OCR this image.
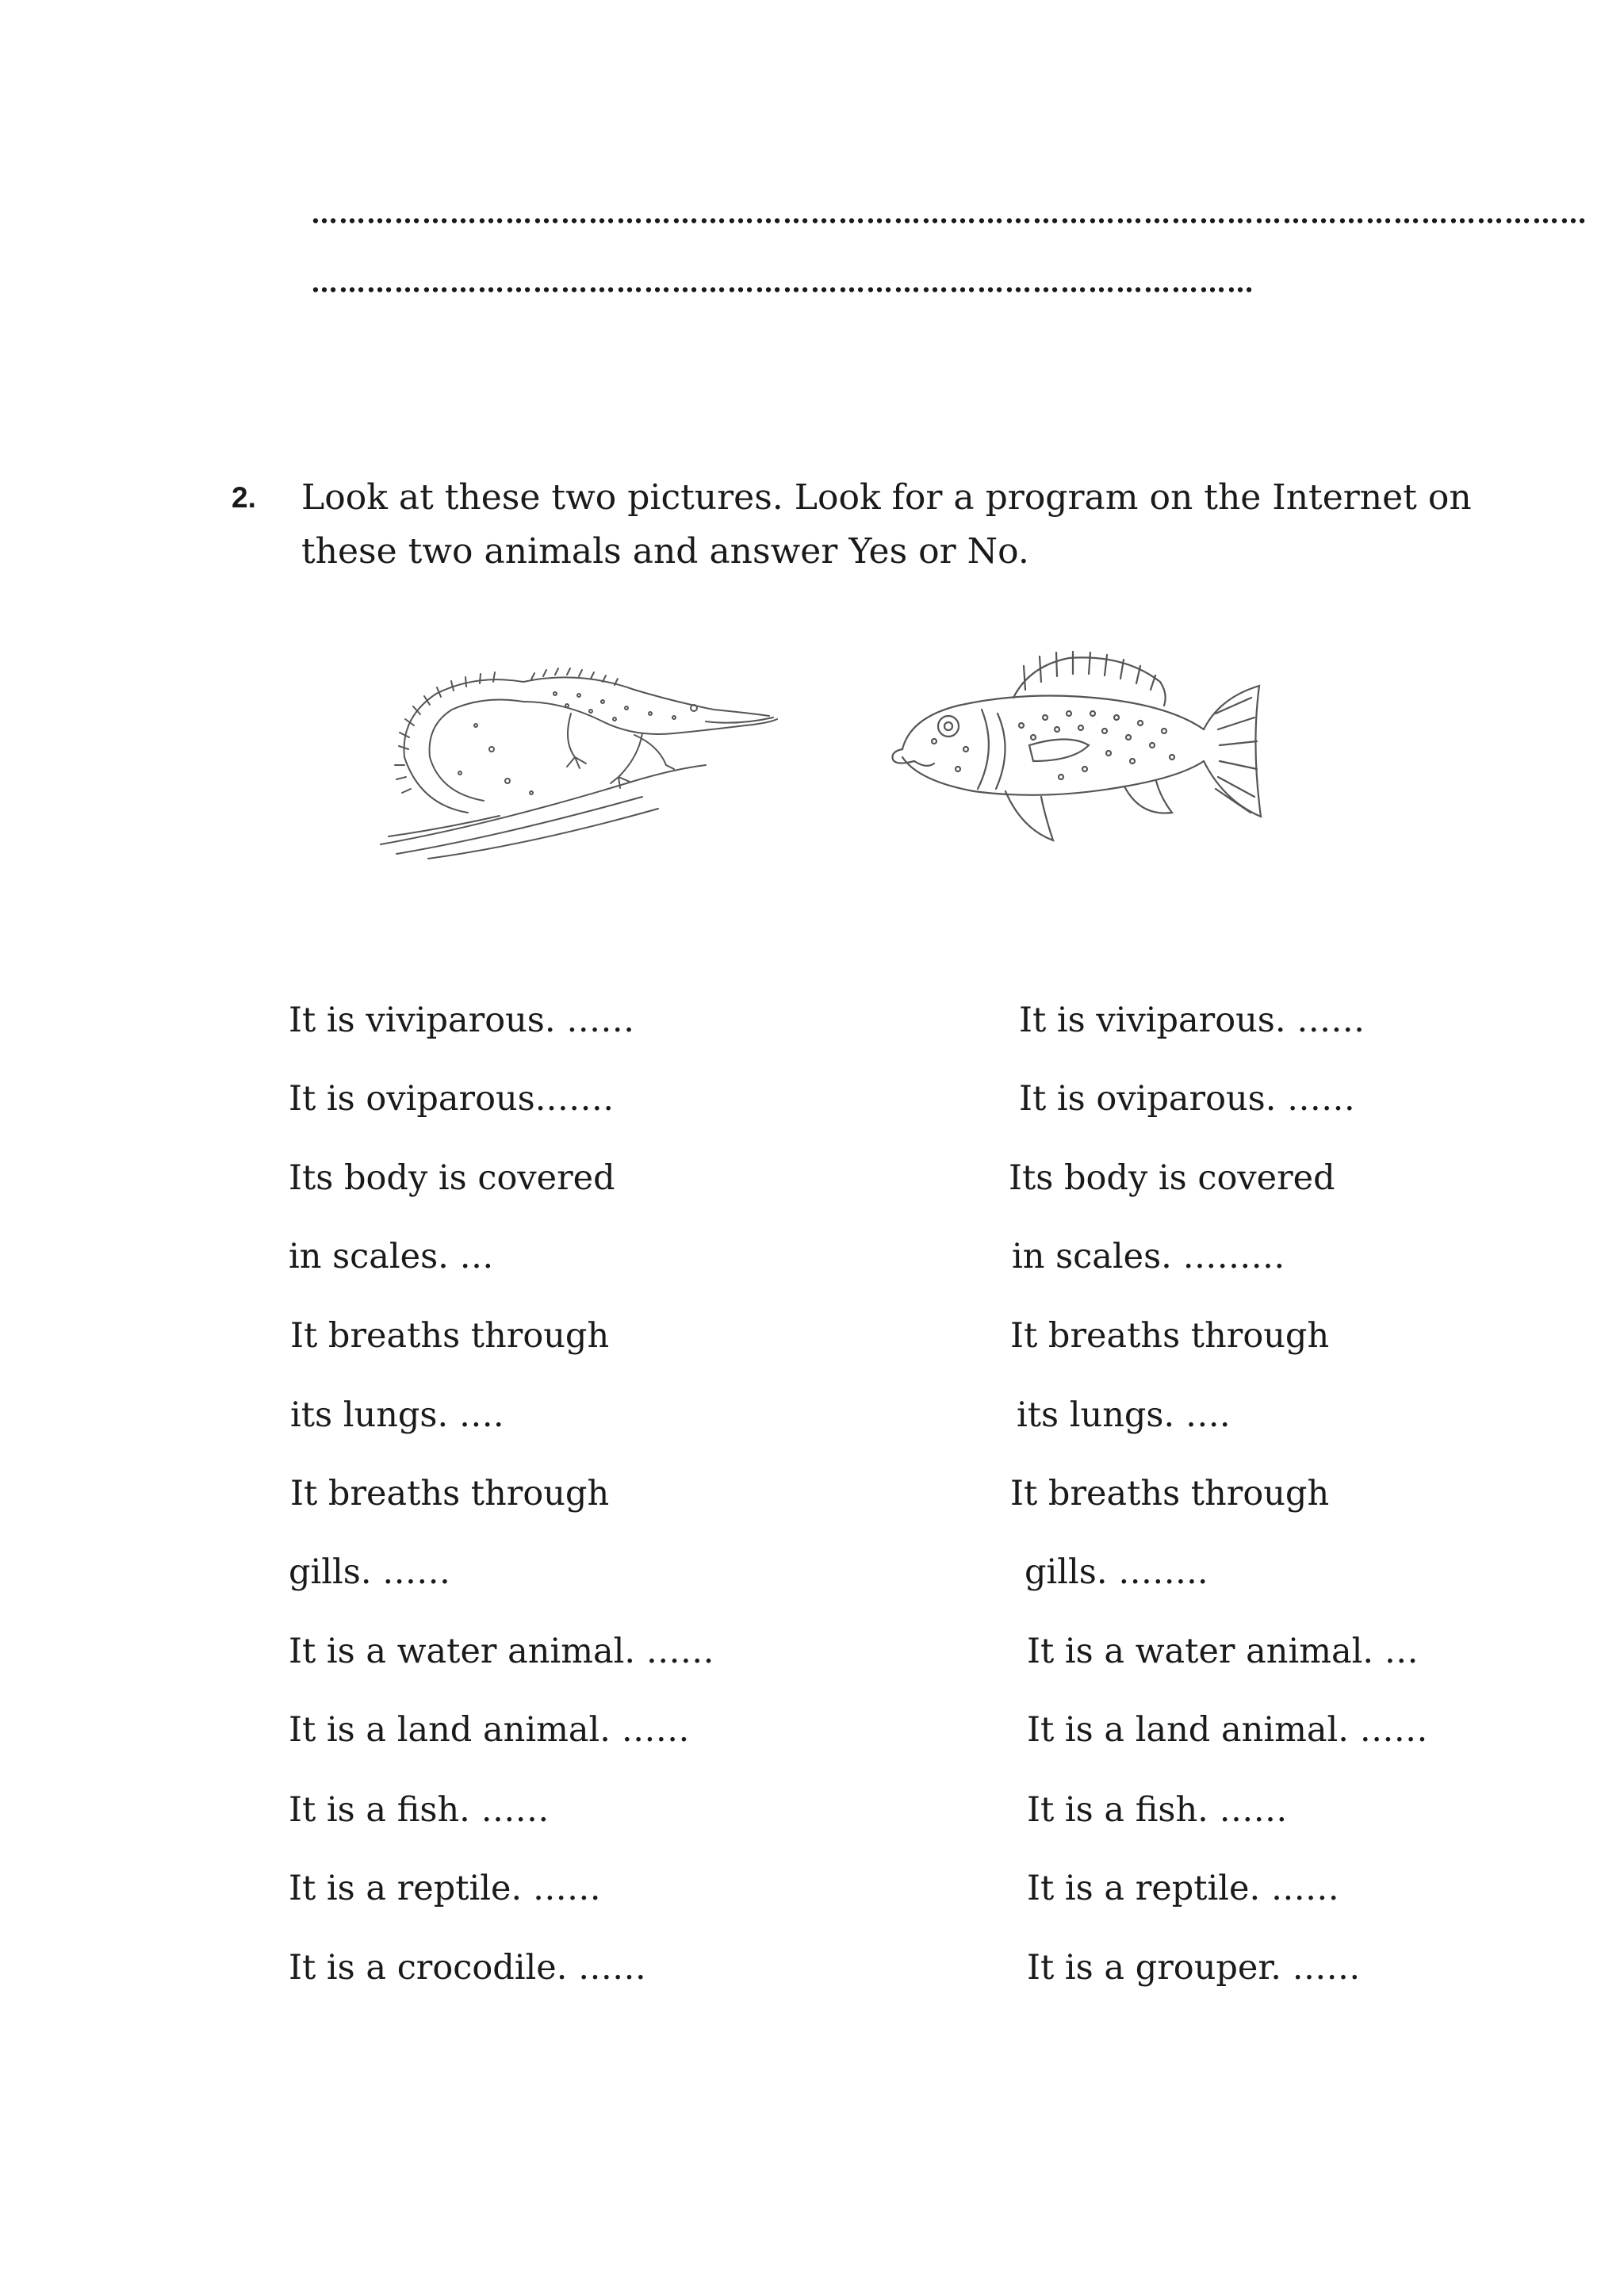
…………………………………………………………………………………………………………………………
…………………………………………………………………………………………
2. Look at these two pictures. Look for a program on the Internet on
these two animals and answer Yes or No.
It is viviparous. ……
It is oviparous.……
Its body is covered
in scales. …
It breaths through
its lungs. ….
It breaths through
gills. ……
It is a water animal. ……
It is a land animal. ……
It is a fish. ……
It is a reptile. ……
It is a crocodile. ……
It is viviparous. ……
It is oviparous. ……
Its body is covered
in scales. ………
It breaths through
its lungs. ….
It breaths through
gills. ……..
It is a water animal. …
It is a land animal. ……
It is a fish. ……
It is a reptile. ……
It is a grouper. ……
